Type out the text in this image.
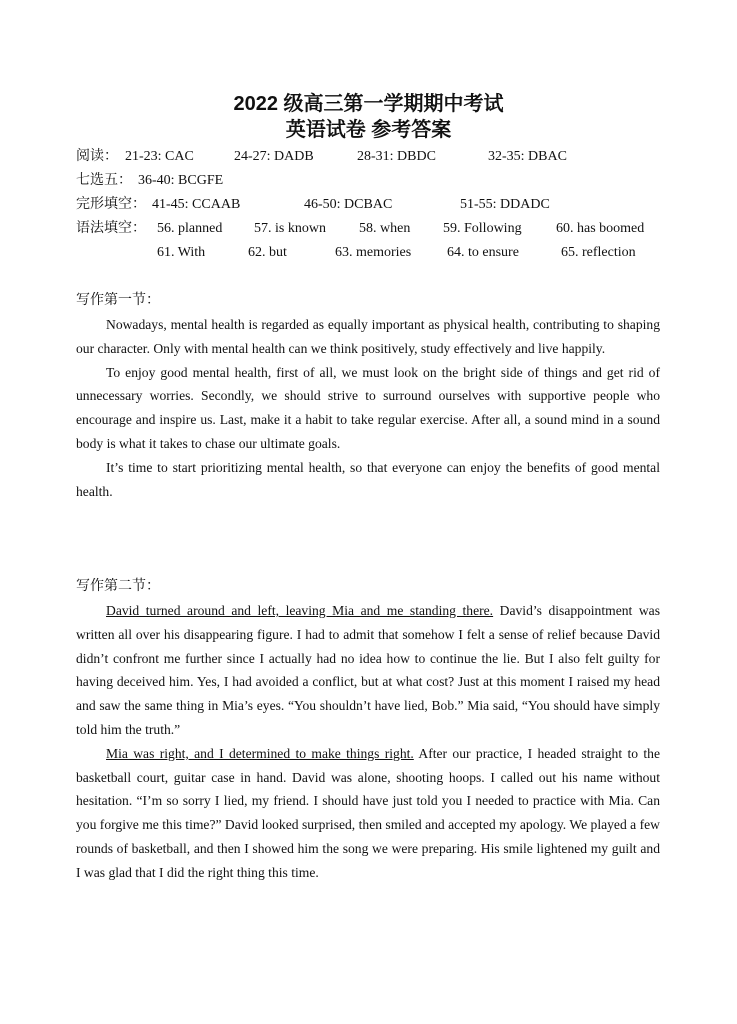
2022 级高三第一学期期中考试
英语试卷 参考答案
阅读： 21-23: CAC	24-27: DADB	28-31: DBDC	32-35: DBAC
七选五： 36-40: BCGFE
完形填空： 41-45: CCAAB	46-50: DCBAC	51-55: DDADC
语法填空： 56. planned 57. is known 58. when 59. Following 60. has boomed
61. With	62. but	63. memories	64. to ensure	65. reflection
写作第一节：

Nowadays, mental health is regarded as equally important as physical health, contributing to shaping our character. Only with mental health can we think positively, study effectively and live happily.

To enjoy good mental health, first of all, we must look on the bright side of things and get rid of unnecessary worries. Secondly, we should strive to surround ourselves with supportive people who encourage and inspire us. Last, make it a habit to take regular exercise. After all, a sound mind in a sound body is what it takes to chase our ultimate goals.

It’s time to start prioritizing mental health, so that everyone can enjoy the benefits of good mental health.

写作第二节：

David turned around and left, leaving Mia and me standing there. David’s disappointment was written all over his disappearing figure. I had to admit that somehow I felt a sense of relief because David didn’t confront me further since I actually had no idea how to continue the lie. But I also felt guilty for having deceived him. Yes, I had avoided a conflict, but at what cost? Just at this moment I raised my head and saw the same thing in Mia’s eyes. “You shouldn’t have lied, Bob.” Mia said, “You should have simply told him the truth.”

Mia was right, and I determined to make things right. After our practice, I headed straight to the basketball court, guitar case in hand. David was alone, shooting hoops. I called out his name without hesitation. “I’m so sorry I lied, my friend. I should have just told you I needed to practice with Mia. Can you forgive me this time?” David looked surprised, then smiled and accepted my apology. We played a few rounds of basketball, and then I showed him the song we were preparing. His smile lightened my guilt and I was glad that I did the right thing this time.
